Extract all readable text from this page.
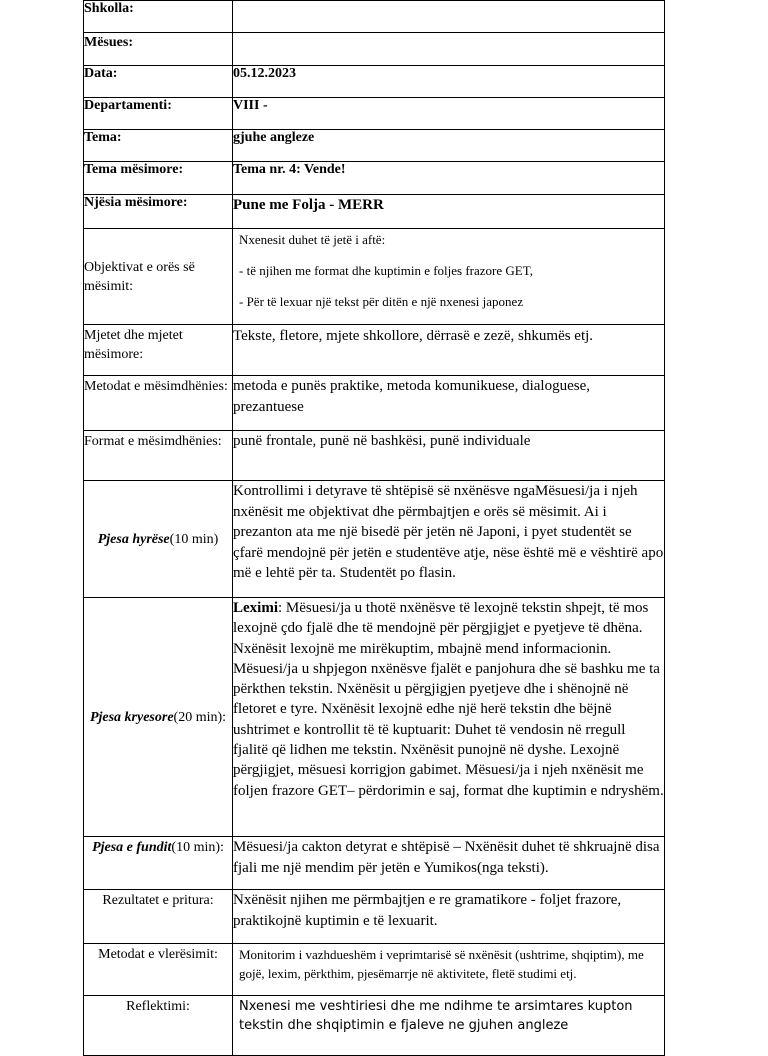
Shkolla:	
Mësues:	
Data:	05.12.2023
Departamenti:	VIII -
Tema:	gjuhe angleze
Tema mësimore:	Tema nr. 4: Vende!
Njësia mësimore:	Pune me Folja - MERR
Objektivat e orës së mësimit:	Nxenesit duhet të jetë i aftë:

- të njihen me format dhe kuptimin e foljes frazore GET,

- Për të lexuar një tekst për ditën e një nxenesi japonez

Mjetet dhe mjetet mësimore:	Tekste, fletore, mjete shkollore, dërrasë e zezë, shkumës etj.
Metodat e mësimdhënies:	metoda e punës praktike, metoda komunikuese, dialoguese, prezantuese
Format e mësimdhënies:	punë frontale, punë në bashkësi, punë individuale
Pjesa hyrëse(10 min)	Kontrollimi i detyrave të shtëpisë së nxënësve ngaMësuesi/ja i njeh nxënësit me objektivat dhe përmbajtjen e orës së mësimit. Ai i prezanton ata me një bisedë për jetën në Japoni, i pyet studentët se çfarë mendojnë për jetën e studentëve atje, nëse është më e vështirë apo më e lehtë për ta. Studentët po flasin.
Pjesa kryesore(20 min):	Leximi: Mësuesi/ja u thotë nxënësve të lexojnë tekstin shpejt, të mos lexojnë çdo fjalë dhe të mendojnë për përgjigjet e pyetjeve të dhëna. Nxënësit lexojnë me mirëkuptim, mbajnë mend informacionin. Mësuesi/ja u shpjegon nxënësve fjalët e panjohura dhe së bashku me ta përkthen tekstin. Nxënësit u përgjigjen pyetjeve dhe i shënojnë në fletoret e tyre. Nxënësit lexojnë edhe një herë tekstin dhe bëjnë ushtrimet e kontrollit të të kuptuarit: Duhet të vendosin në rregull fjalitë që lidhen me tekstin. Nxënësit punojnë në dyshe. Lexojnë përgjigjet, mësuesi korrigjon gabimet. Mësuesi/ja i njeh nxënësit me foljen frazore GET– përdorimin e saj, format dhe kuptimin e ndryshëm.
Pjesa e fundit(10 min):	Mësuesi/ja cakton detyrat e shtëpisë – Nxënësit duhet të shkruajnë disa fjali me një mendim për jetën e Yumikos(nga teksti).
Rezultatet e pritura:	Nxënësit njihen me përmbajtjen e re gramatikore - foljet frazore, praktikojnë kuptimin e të lexuarit.
Metodat e vlerësimit:	Monitorim i vazhdueshëm i veprimtarisë së nxënësit (ushtrime, shqiptim), me gojë, lexim, përkthim, pjesëmarrje në aktivitete, fletë studimi etj.
Reflektimi:	Nxenesi me veshtiriesi dhe me ndihme te arsimtares kupton tekstin dhe shqiptimin e fjaleve ne gjuhen angleze
